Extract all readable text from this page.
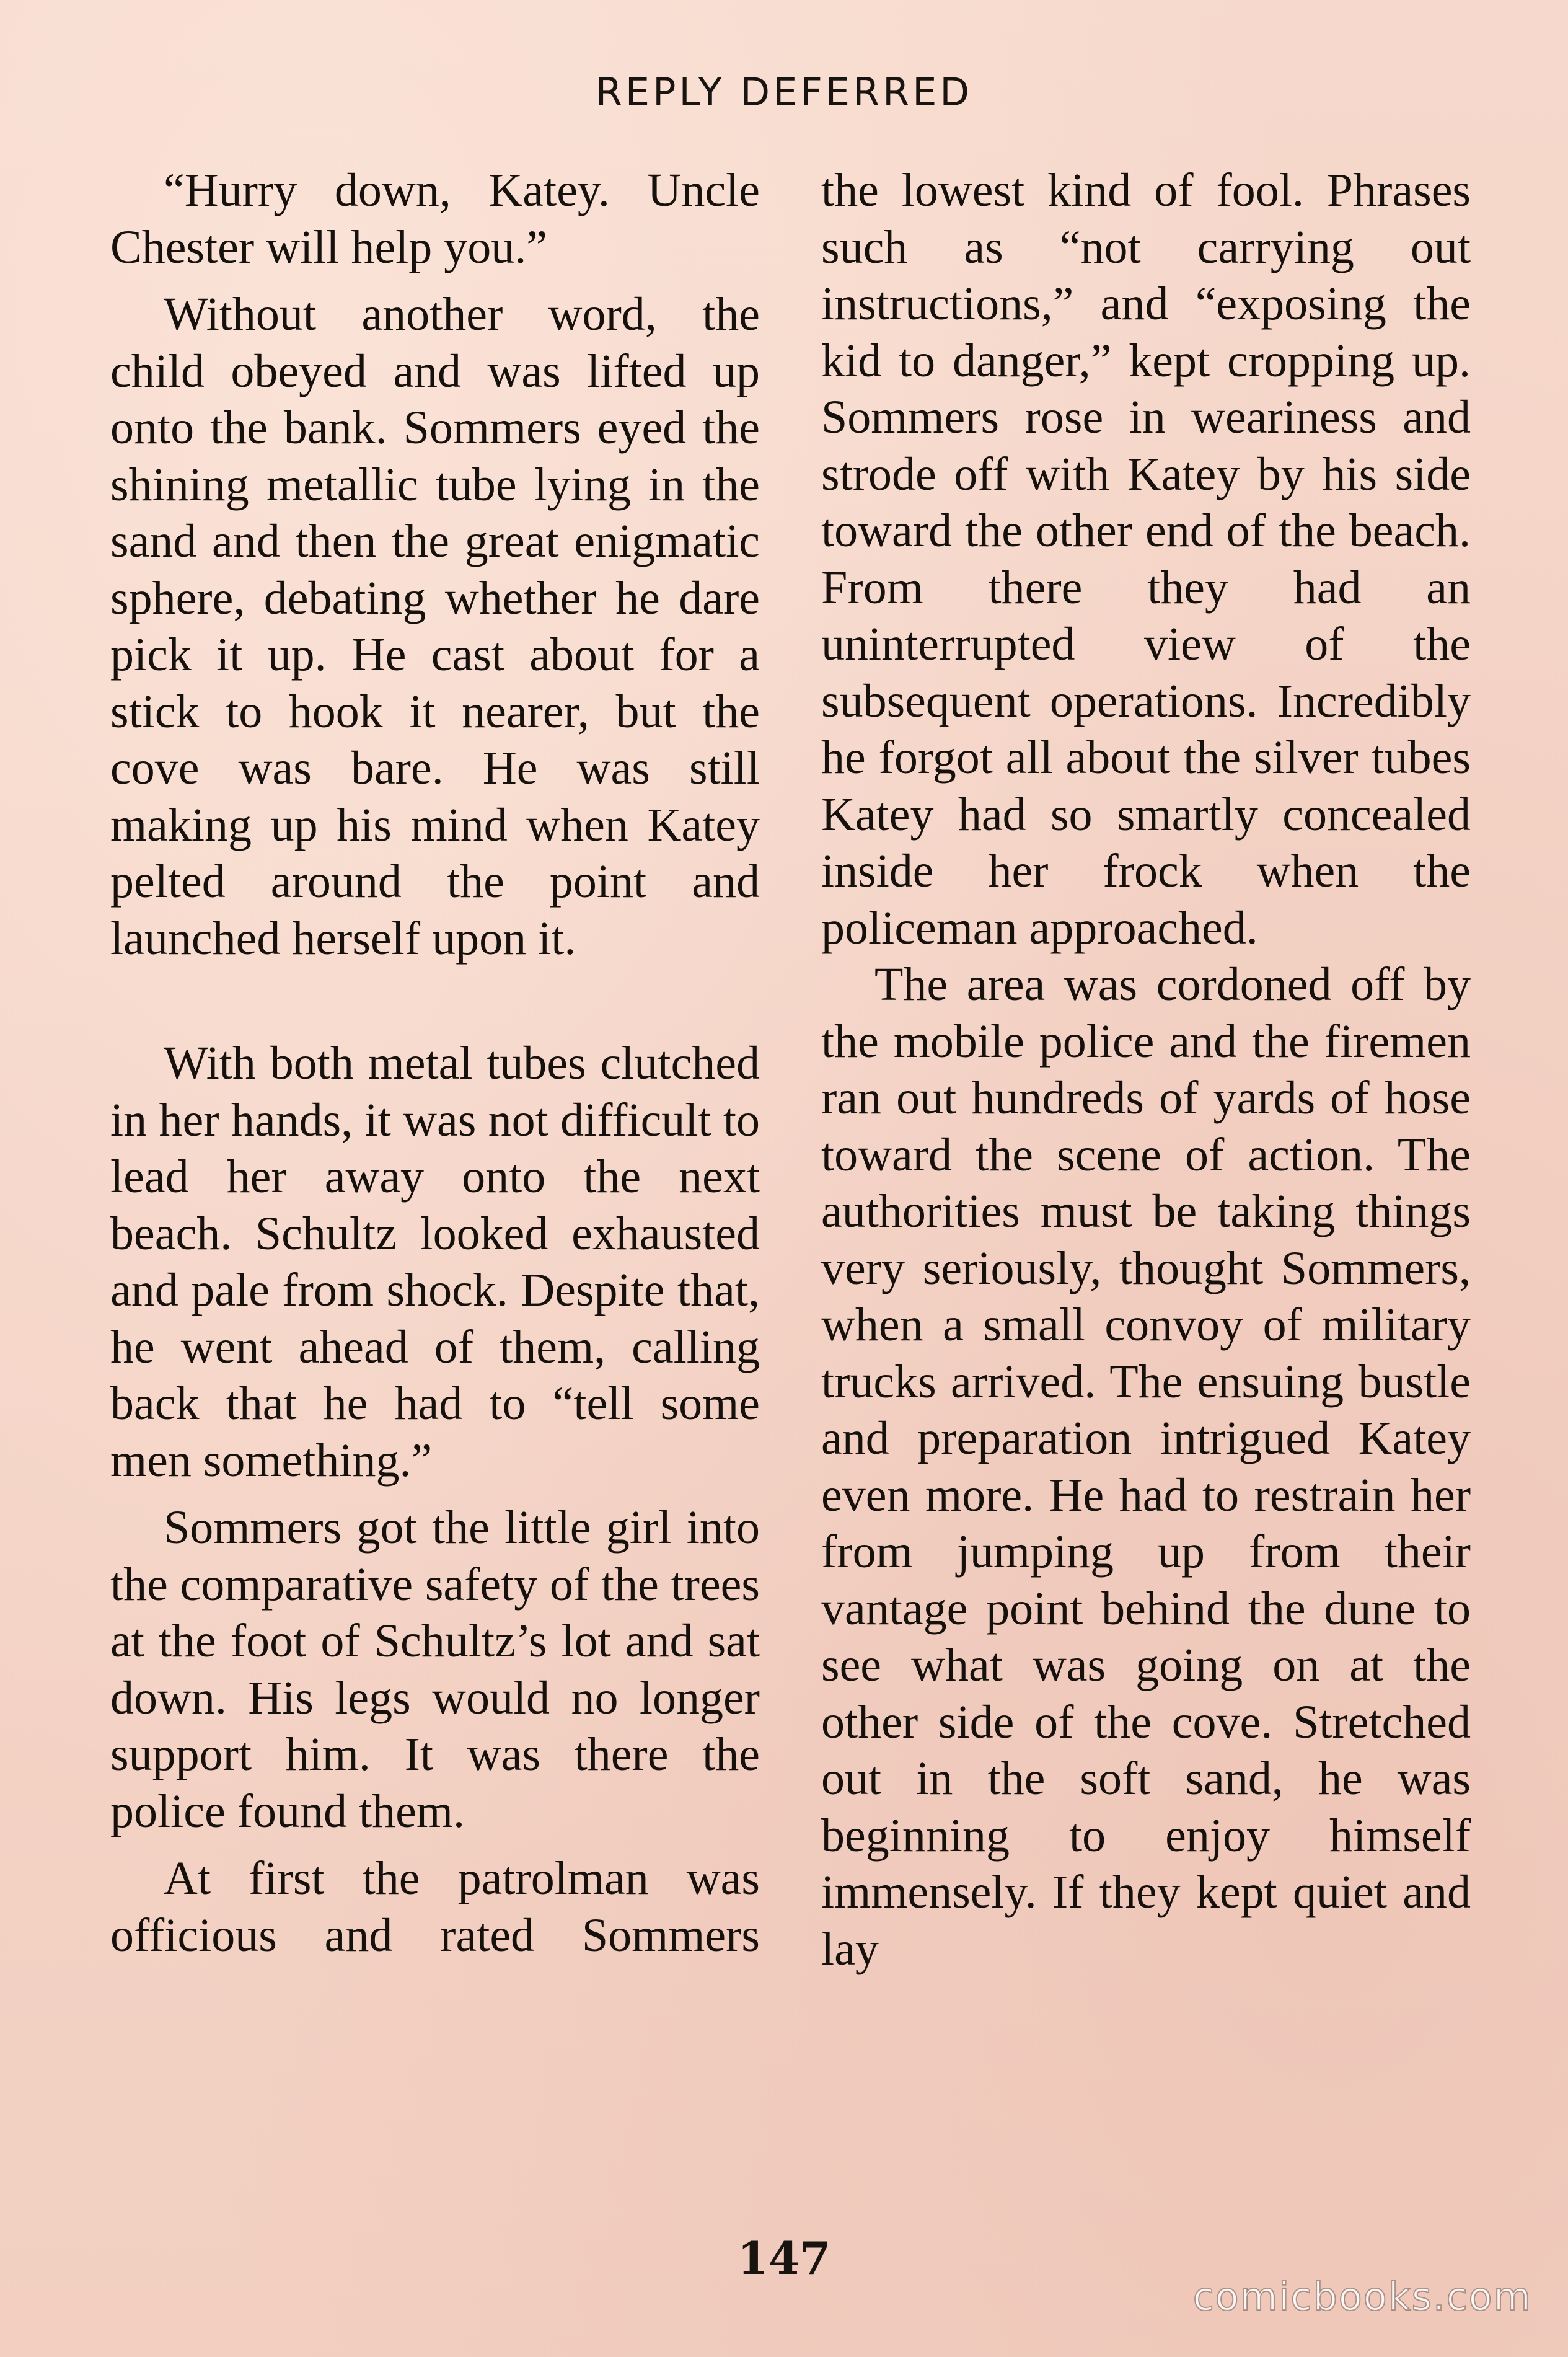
REPLY DEFERRED

“Hurry down, Katey. Uncle Chester will help you.”

Without another word, the child obeyed and was lifted up onto the bank. Sommers eyed the shining metallic tube lying in the sand and then the great enigmatic sphere, debating whether he dare pick it up. He cast about for a stick to hook it nearer, but the cove was bare. He was still making up his mind when Katey pelted around the point and launched herself upon it.

With both metal tubes clutched in her hands, it was not difficult to lead her away onto the next beach. Schultz looked exhausted and pale from shock. Despite that, he went ahead of them, calling back that he had to “tell some men something.”

Sommers got the little girl into the comparative safety of the trees at the foot of Schultz’s lot and sat down. His legs would no longer support him. It was there the police found them.

At first the patrolman was officious and rated Sommers

the lowest kind of fool. Phrases such as “not carrying out instructions,” and “exposing the kid to danger,” kept cropping up. Sommers rose in weariness and strode off with Katey by his side toward the other end of the beach. From there they had an uninterrupted view of the subsequent operations. Incredibly he forgot all about the silver tubes Katey had so smartly concealed inside her frock when the policeman approached.

The area was cordoned off by the mobile police and the firemen ran out hundreds of yards of hose toward the scene of action. The authorities must be taking things very seriously, thought Sommers, when a small convoy of military trucks arrived. The ensuing bustle and preparation intrigued Katey even more. He had to restrain her from jumping up from their vantage point behind the dune to see what was going on at the other side of the cove. Stretched out in the soft sand, he was beginning to enjoy himself immensely. If they kept quiet and lay

147
comicbooks.com
